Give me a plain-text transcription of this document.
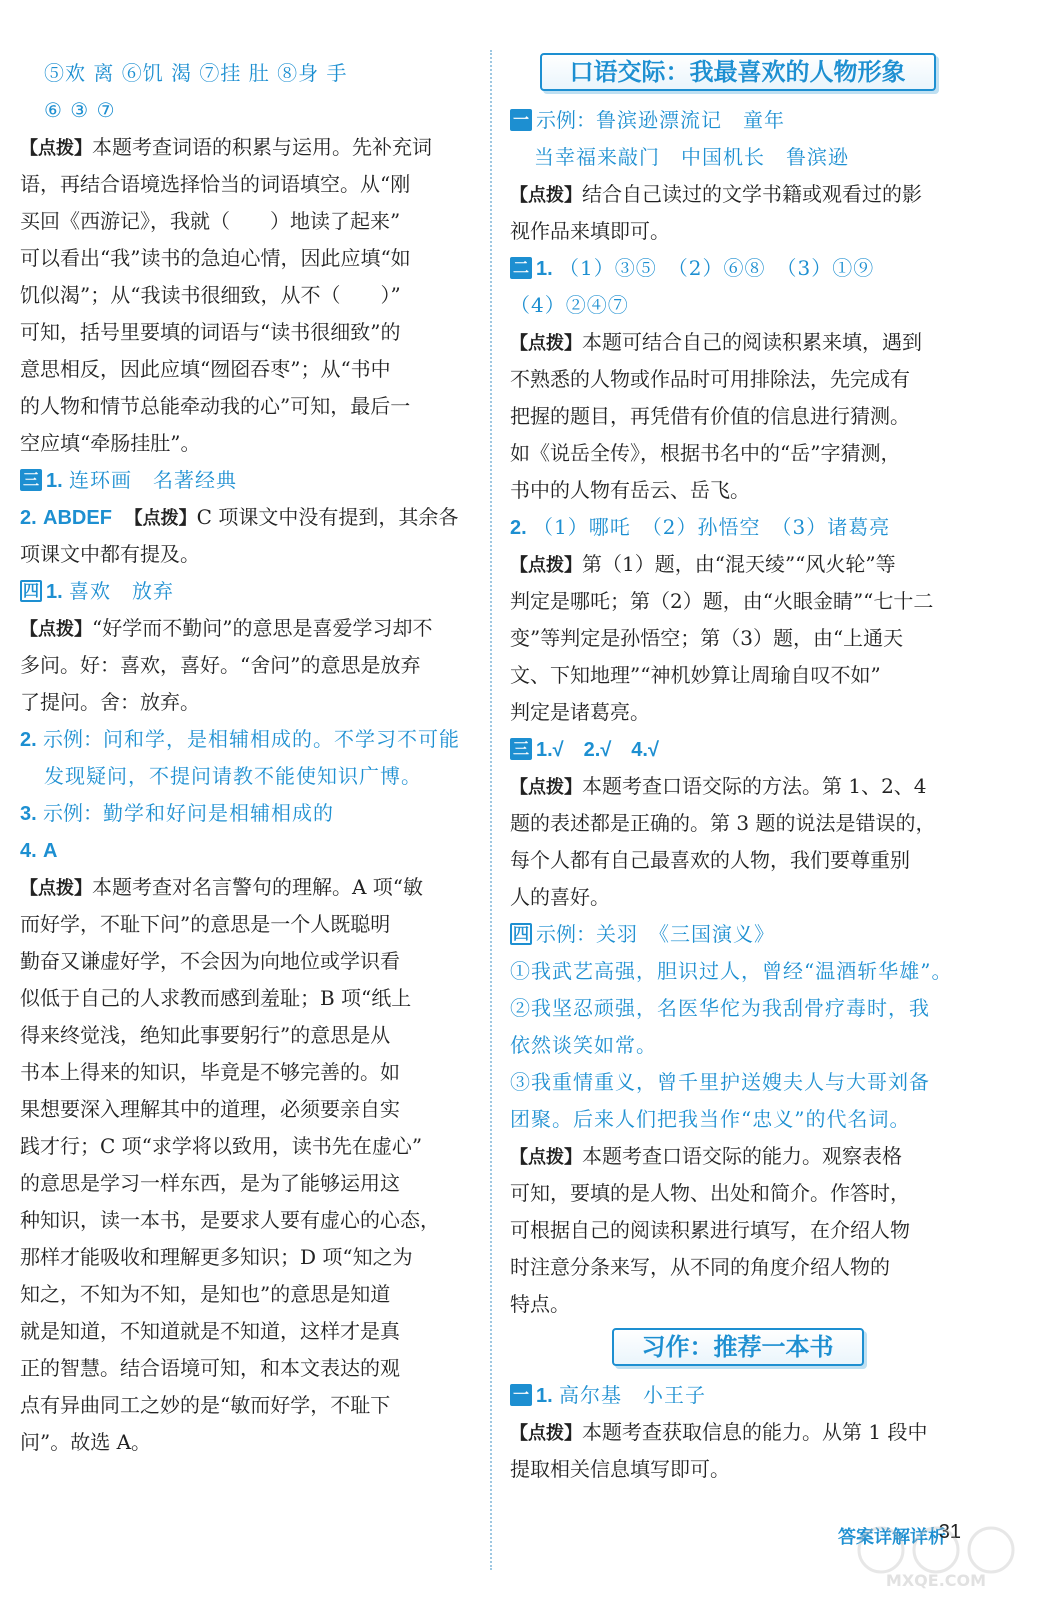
⑤欢 离 ⑥饥 渴 ⑦挂 肚 ⑧身 手
⑥ ③ ⑦
【点拨】本题考查词语的积累与运用。先补充词
语，再结合语境选择恰当的词语填空。从“刚
买回《西游记》，我就（　　）地读了起来”
可以看出“我”读书的急迫心情，因此应填“如
饥似渴”；从“我读书很细致，从不（　　）”
可知，括号里要填的词语与“读书很细致”的
意思相反，因此应填“囫囵吞枣”；从“书中
的人物和情节总能牵动我的心”可知，最后一
空应填“牵肠挂肚”。
三 1. 连环画　名著经典
2. ABDEF 【点拨】C 项课文中没有提到，其余各
项课文中都有提及。
四 1. 喜欢　放弃
【点拨】“好学而不勤问”的意思是喜爱学习却不
多问。好：喜欢，喜好。“舍问”的意思是放弃
了提问。舍：放弃。
2. 示例：问和学，是相辅相成的。不学习不可能
发现疑问，不提问请教不能使知识广博。
3. 示例：勤学和好问是相辅相成的
4. A
【点拨】本题考查对名言警句的理解。A 项“敏
而好学，不耻下问”的意思是一个人既聪明
勤奋又谦虚好学，不会因为向地位或学识看
似低于自己的人求教而感到羞耻；B 项“纸上
得来终觉浅，绝知此事要躬行”的意思是从
书本上得来的知识，毕竟是不够完善的。如
果想要深入理解其中的道理，必须要亲自实
践才行；C 项“求学将以致用，读书先在虚心”
的意思是学习一样东西，是为了能够运用这
种知识，读一本书，是要求人要有虚心的心态，
那样才能吸收和理解更多知识；D 项“知之为
知之，不知为不知，是知也”的意思是知道
就是知道，不知道就是不知道，这样才是真
正的智慧。结合语境可知，和本文表达的观
点有异曲同工之妙的是“敏而好学，不耻下
问”。故选 A。
口语交际：我最喜欢的人物形象
一 示例：鲁滨逊漂流记　童年
当幸福来敲门　中国机长　鲁滨逊
【点拨】结合自己读过的文学书籍或观看过的影
视作品来填即可。
二 1. （1）③⑤　（2）⑥⑧　（3）①⑨
（4）②④⑦
【点拨】本题可结合自己的阅读积累来填，遇到
不熟悉的人物或作品时可用排除法，先完成有
把握的题目，再凭借有价值的信息进行猜测。
如《说岳全传》，根据书名中的“岳”字猜测，
书中的人物有岳云、岳飞。
2. （1）哪吒　（2）孙悟空　（3）诸葛亮
【点拨】第（1）题，由“混天绫”“风火轮”等
判定是哪吒；第（2）题，由“火眼金睛”“七十二
变”等判定是孙悟空；第（3）题，由“上通天
文、下知地理”“神机妙算让周瑜自叹不如”
判定是诸葛亮。
三 1.√　2.√　4.√
【点拨】本题考查口语交际的方法。第 1、2、4
题的表述都是正确的。第 3 题的说法是错误的，
每个人都有自己最喜欢的人物，我们要尊重别
人的喜好。
四 示例：关羽　《三国演义》
①我武艺高强，胆识过人，曾经“温酒斩华雄”。
②我坚忍顽强，名医华佗为我刮骨疗毒时，我
依然谈笑如常。
③我重情重义，曾千里护送嫂夫人与大哥刘备
团聚。后来人们把我当作“忠义”的代名词。
【点拨】本题考查口语交际的能力。观察表格
可知，要填的是人物、出处和简介。作答时，
可根据自己的阅读积累进行填写，在介绍人物
时注意分条来写，从不同的角度介绍人物的
特点。
习作：推荐一本书
一 1. 高尔基　小王子
【点拨】本题考查获取信息的能力。从第 1 段中
提取相关信息填写即可。
答案详解详析
31
MXQE.COM
